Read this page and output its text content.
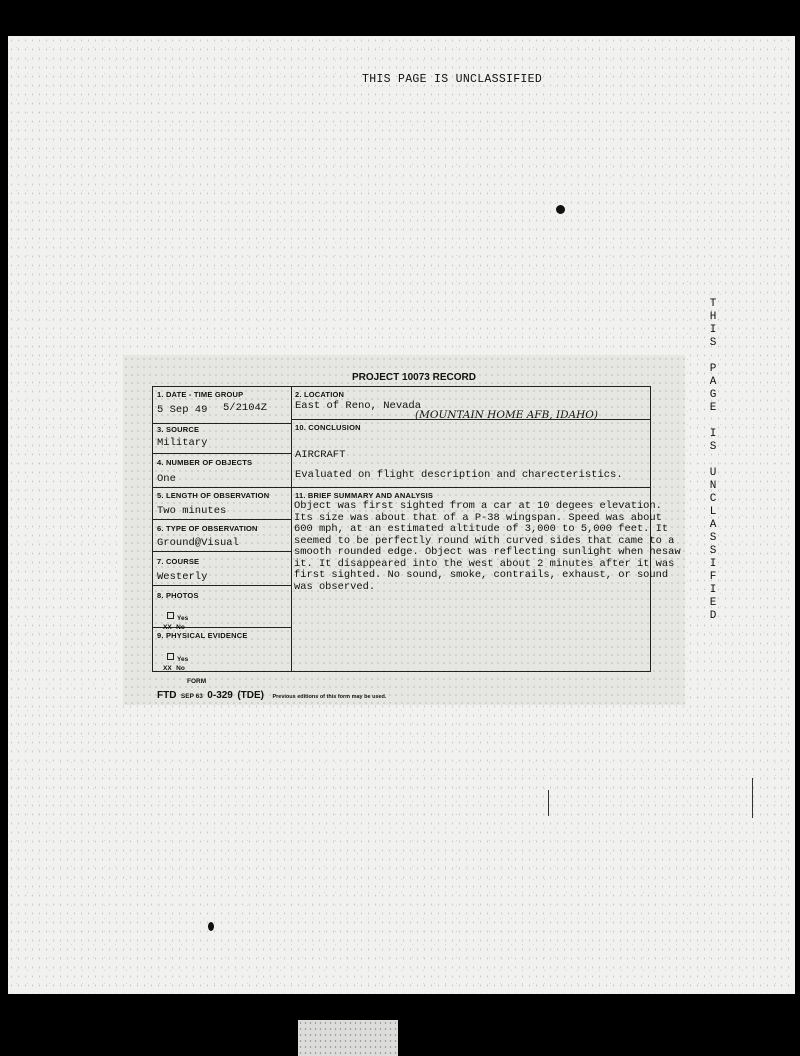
THIS PAGE IS UNCLASSIFIED
T
H
I
S
P
A
G
E
I
S
U
N
C
L
A
S
S
I
F
I
E
D
PROJECT 10073 RECORD
1. DATE - TIME GROUP
5 Sep 49 5/2104Z
2. LOCATION
East of Reno, Nevada
(MOUNTAIN HOME AFB, IDAHO)
3. SOURCE
Military
10. CONCLUSION
AIRCRAFT
Evaluated on flight description and charecteristics.
4. NUMBER OF OBJECTS
One
5. LENGTH OF OBSERVATION
Two minutes
11. BRIEF SUMMARY AND ANALYSIS
Object was first sighted from a car at 10 degees elevation.
Its size was about that of a P-38 wingspan. Speed was about
600 mph, at an estimated altitude of 3,000 to 5,000 feet. It
seemed to be perfectly round with curved sides that came to a
smooth rounded edge. Object was reflecting sunlight when hesaw
it. It disappeared into the west about 2 minutes after it was
first sighted. No sound, smoke, contrails, exhaust, or sound
was observed.
6. TYPE OF OBSERVATION
Ground@Visual
7. COURSE
Westerly
8. PHOTOS
Yes
XX No
9. PHYSICAL EVIDENCE
Yes
XX No
FORM
FTD SEP 63 0-329 (TDE) Previous editions of this form may be used.
